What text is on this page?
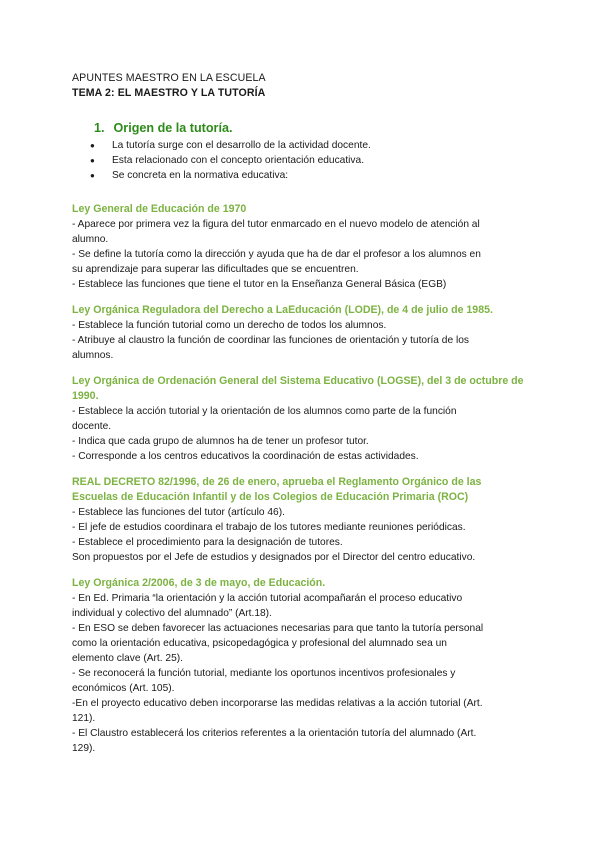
APUNTES MAESTRO EN LA ESCUELA
TEMA 2: EL MAESTRO Y LA TUTORÍA
1. Origen de la tutoría.
● La tutoría surge con el desarrollo de la actividad docente.
● Esta relacionado con el concepto orientación educativa.
● Se concreta en la normativa educativa:
Ley General de Educación de 1970
- Aparece por primera vez la figura del tutor enmarcado en el nuevo modelo de atención al
alumno.
- Se define la tutoría como la dirección y ayuda que ha de dar el profesor a los alumnos en
su aprendizaje para superar las dificultades que se encuentren.
- Establece las funciones que tiene el tutor en la Enseñanza General Básica (EGB)
Ley Orgánica Reguladora del Derecho a LaEducación (LODE), de 4 de julio de 1985.
- Establece la función tutorial como un derecho de todos los alumnos.
- Atribuye al claustro la función de coordinar las funciones de orientación y tutoría de los
alumnos.
Ley Orgánica de Ordenación General del Sistema Educativo (LOGSE), del 3 de octubre de 1990.
- Establece la acción tutorial y la orientación de los alumnos como parte de la función
docente.
- Indica que cada grupo de alumnos ha de tener un profesor tutor.
- Corresponde a los centros educativos la coordinación de estas actividades.
REAL DECRETO 82/1996, de 26 de enero, aprueba el Reglamento Orgánico de las Escuelas de Educación Infantil y de los Colegios de Educación Primaria (ROC)
- Establece las funciones del tutor (artículo 46).
- El jefe de estudios coordinara el trabajo de los tutores mediante reuniones periódicas.
- Establece el procedimiento para la designación de tutores.
Son propuestos por el Jefe de estudios y designados por el Director del centro educativo.
Ley Orgánica 2/2006, de 3 de mayo, de Educación.
- En Ed. Primaria “la orientación y la acción tutorial acompañarán el proceso educativo
individual y colectivo del alumnado” (Art.18).
- En ESO se deben favorecer las actuaciones necesarias para que tanto la tutoría personal
como la orientación educativa, psicopedagógica y profesional del alumnado sea un
elemento clave (Art. 25).
- Se reconocerá la función tutorial, mediante los oportunos incentivos profesionales y
económicos (Art. 105).
-En el proyecto educativo deben incorporarse las medidas relativas a la acción tutorial (Art.
121).
- El Claustro establecerá los criterios referentes a la orientación tutoría del alumnado (Art.
129).
